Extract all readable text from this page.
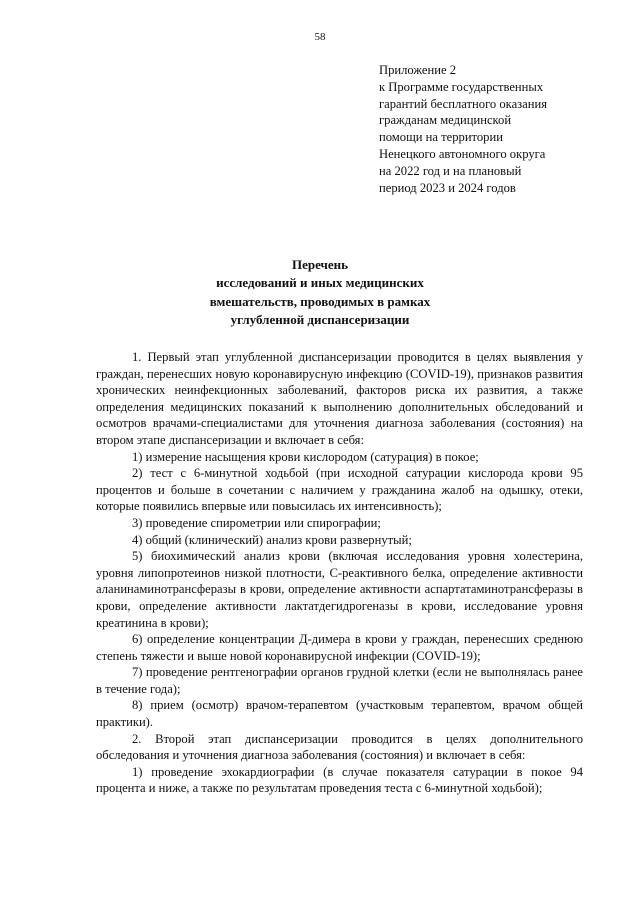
58
Приложение 2
к Программе государственных
гарантий бесплатного оказания
гражданам медицинской
помощи на территории
Ненецкого автономного округа
на 2022 год и на плановый
период 2023 и 2024 годов
Перечень
исследований и иных медицинских
вмешательств, проводимых в рамках
углубленной диспансеризации

1. Первый этап углубленной диспансеризации проводится в целях выявления у граждан, перенесших новую коронавирусную инфекцию (COVID-19), признаков развития хронических неинфекционных заболеваний, факторов риска их развития, а также определения медицинских показаний к выполнению дополнительных обследований и осмотров врачами-специалистами для уточнения диагноза заболевания (состояния) на втором этапе диспансеризации и включает в себя:

1) измерение насыщения крови кислородом (сатурация) в покое;

2) тест с 6-минутной ходьбой (при исходной сатурации кислорода крови 95 процентов и больше в сочетании с наличием у гражданина жалоб на одышку, отеки, которые появились впервые или повысилась их интенсивность);

3) проведение спирометрии или спирографии;

4) общий (клинический) анализ крови развернутый;

5) биохимический анализ крови (включая исследования уровня холестерина, уровня липопротеинов низкой плотности, С-реактивного белка, определение активности аланинаминотрансферазы в крови, определение активности аспартатаминотрансферазы в крови, определение активности лактатдегидрогеназы в крови, исследование уровня креатинина в крови);

6) определение концентрации Д-димера в крови у граждан, перенесших среднюю степень тяжести и выше новой коронавирусной инфекции (COVID-19);

7) проведение рентгенографии органов грудной клетки (если не выполнялась ранее в течение года);

8) прием (осмотр) врачом-терапевтом (участковым терапевтом, врачом общей практики).

2. Второй этап диспансеризации проводится в целях дополнительного обследования и уточнения диагноза заболевания (состояния) и включает в себя:

1) проведение эхокардиографии (в случае показателя сатурации в покое 94 процента и ниже, а также по результатам проведения теста с 6-минутной ходьбой);
